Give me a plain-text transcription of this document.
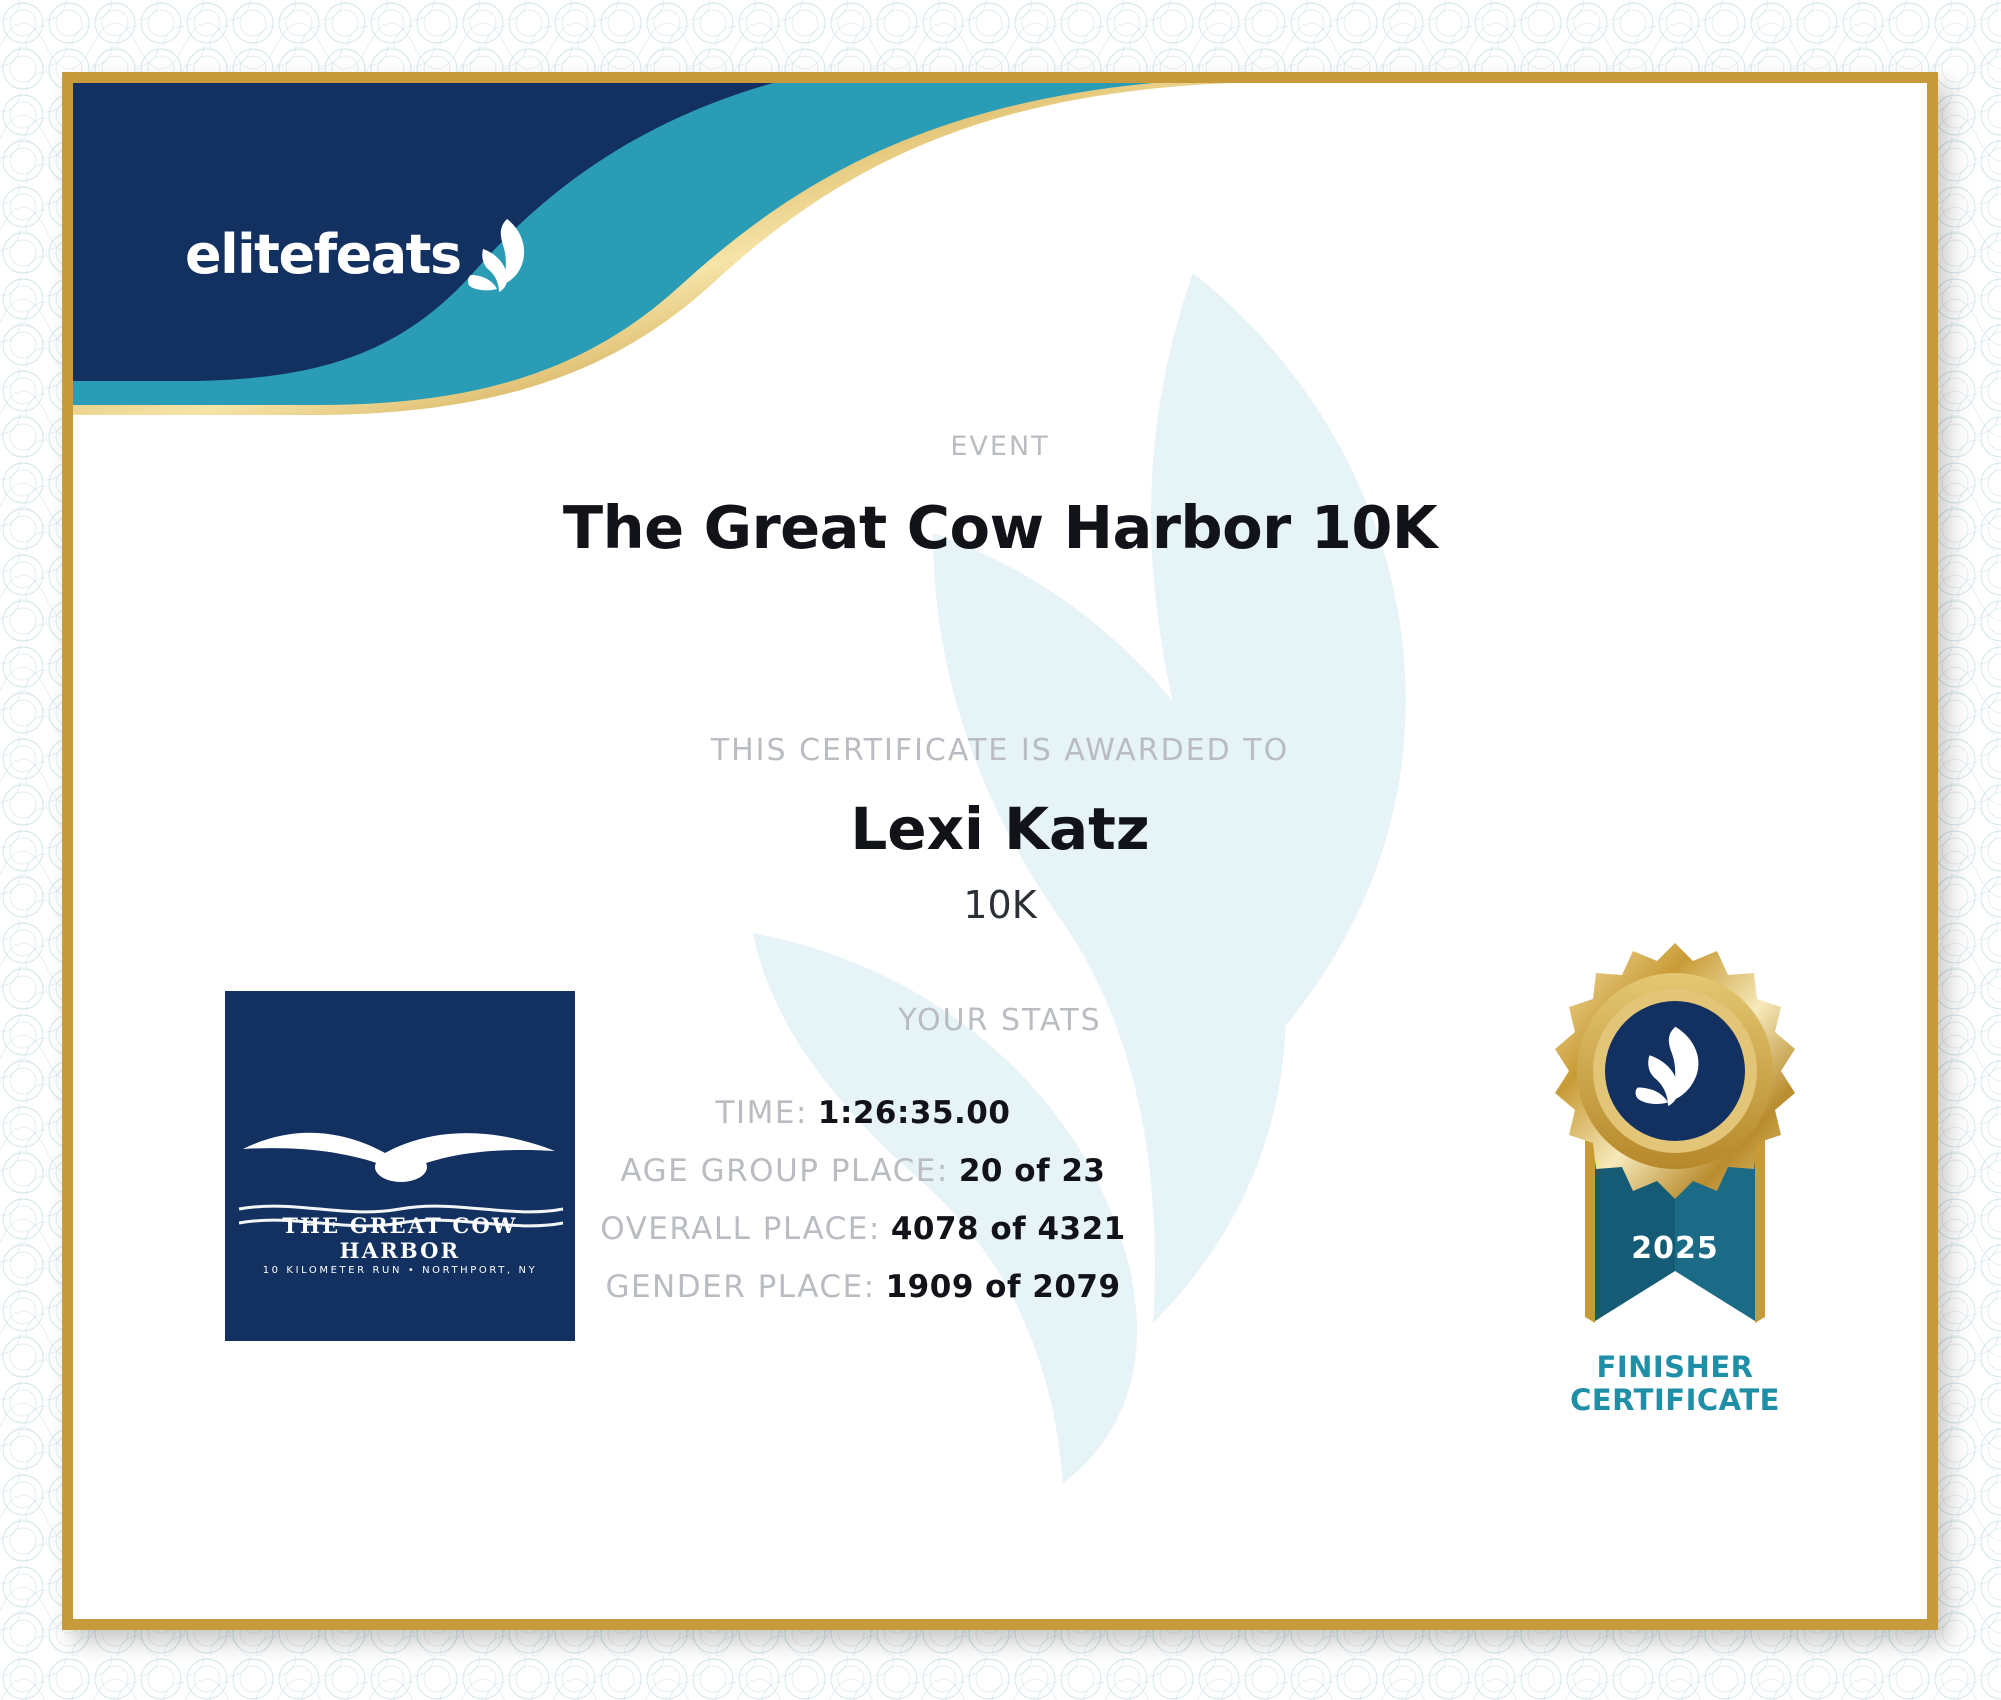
elitefeats
EVENT
The Great Cow Harbor 10K
THIS CERTIFICATE IS AWARDED TO
Lexi Katz
10K
YOUR STATS
TIME: 1:26:35.00
AGE GROUP PLACE: 20 of 23
OVERALL PLACE: 4078 of 4321
GENDER PLACE: 1909 of 2079
THE GREAT COW HARBOR
10 KILOMETER RUN • NORTHPORT, NY
2025
FINISHER
CERTIFICATE
